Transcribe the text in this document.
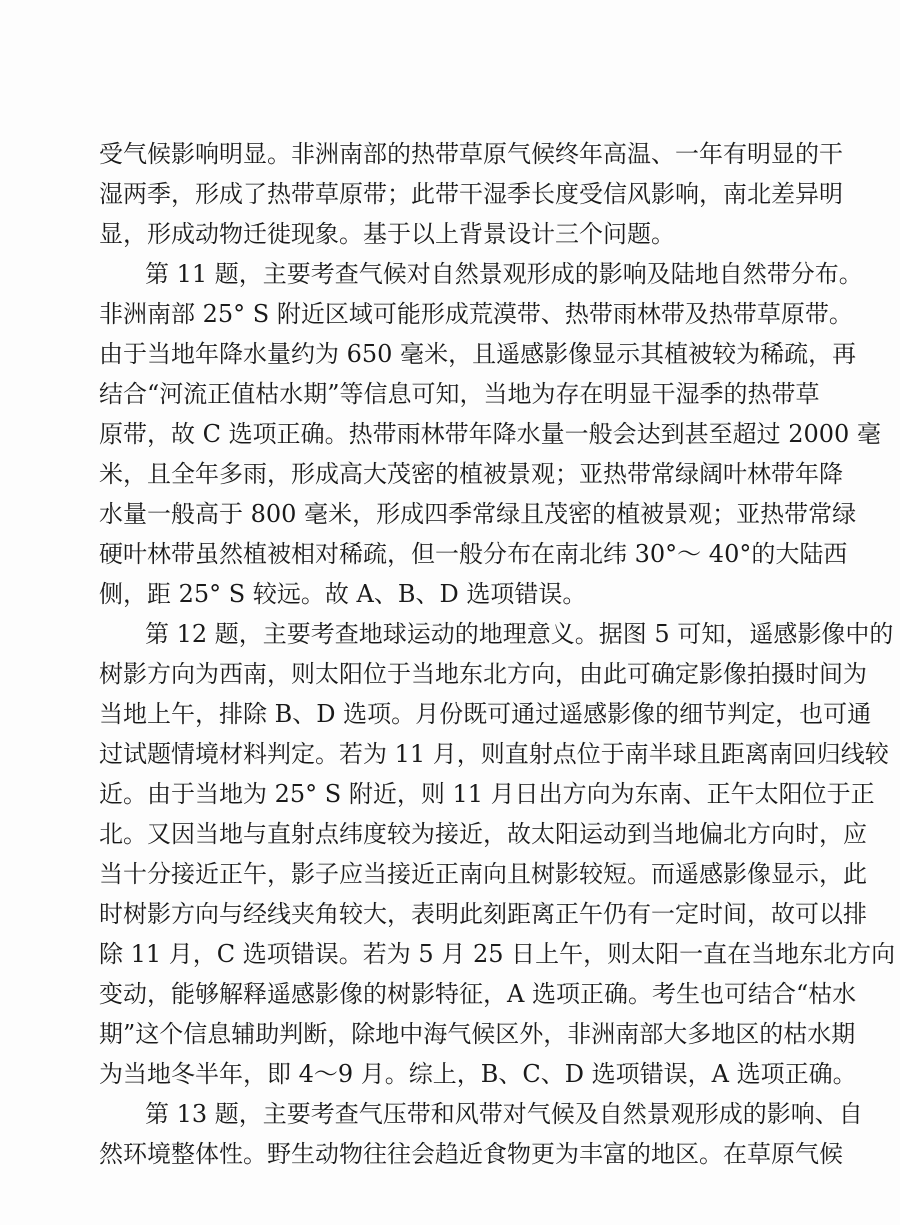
受气候影响明显。非洲南部的热带草原气候终年高温、一年有明显的干
湿两季，形成了热带草原带；此带干湿季长度受信风影响，南北差异明
显，形成动物迁徙现象。基于以上背景设计三个问题。
第 11 题，主要考查气候对自然景观形成的影响及陆地自然带分布。
非洲南部 25° S 附近区域可能形成荒漠带、热带雨林带及热带草原带。
由于当地年降水量约为 650 毫米，且遥感影像显示其植被较为稀疏，再
结合“河流正值枯水期”等信息可知，当地为存在明显干湿季的热带草
原带，故 C 选项正确。热带雨林带年降水量一般会达到甚至超过 2000 毫
米，且全年多雨，形成高大茂密的植被景观；亚热带常绿阔叶林带年降
水量一般高于 800 毫米，形成四季常绿且茂密的植被景观；亚热带常绿
硬叶林带虽然植被相对稀疏，但一般分布在南北纬 30°～ 40°的大陆西
侧，距 25° S 较远。故 A、B、D 选项错误。
第 12 题，主要考查地球运动的地理意义。据图 5 可知，遥感影像中的
树影方向为西南，则太阳位于当地东北方向，由此可确定影像拍摄时间为
当地上午，排除 B、D 选项。月份既可通过遥感影像的细节判定，也可通
过试题情境材料判定。若为 11 月，则直射点位于南半球且距离南回归线较
近。由于当地为 25° S 附近，则 11 月日出方向为东南、正午太阳位于正
北。又因当地与直射点纬度较为接近，故太阳运动到当地偏北方向时，应
当十分接近正午，影子应当接近正南向且树影较短。而遥感影像显示，此
时树影方向与经线夹角较大，表明此刻距离正午仍有一定时间，故可以排
除 11 月，C 选项错误。若为 5 月 25 日上午，则太阳一直在当地东北方向
变动，能够解释遥感影像的树影特征，A 选项正确。考生也可结合“枯水
期”这个信息辅助判断，除地中海气候区外，非洲南部大多地区的枯水期
为当地冬半年，即 4～9 月。综上，B、C、D 选项错误，A 选项正确。
第 13 题，主要考查气压带和风带对气候及自然景观形成的影响、自
然环境整体性。野生动物往往会趋近食物更为丰富的地区。在草原气候
